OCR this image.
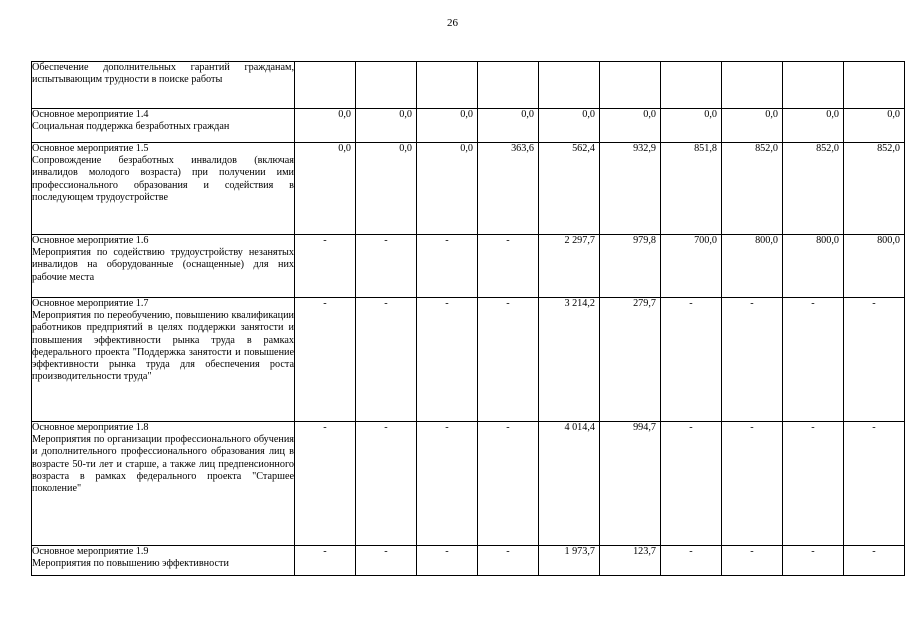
26
Обеспечение дополнительных гарантий гражданам, испытывающим трудности в поиске работы										

Основное мероприятие 1.4
Социальная поддержка безработных граждан	0,0	0,0	0,0	0,0	0,0	0,0	0,0	0,0	0,0	0,0

Основное мероприятие 1.5
Сопровождение безработных инвалидов (включая инвалидов молодого возраста) при получении ими профессионального образования и содействия в последующем трудоустройстве	0,0	0,0	0,0	363,6	562,4	932,9	851,8	852,0	852,0	852,0

Основное мероприятие 1.6
Мероприятия по содействию трудоустройству незанятых инвалидов на оборудованные (оснащенные) для них рабочие места	-	-	-	-	2 297,7	979,8	700,0	800,0	800,0	800,0

Основное мероприятие 1.7
Мероприятия по переобучению, повышению квалификации работников предприятий в целях поддержки занятости и повышения эффективности рынка труда в рамках федерального проекта "Поддержка занятости и повышение эффективности рынка труда для обеспечения роста производительности труда"	-	-	-	-	3 214,2	279,7	-	-	-	-

Основное мероприятие 1.8
Мероприятия по организации профессионального обучения и дополнительного профессионального образования лиц в возрасте 50-ти лет и старше, а также лиц предпенсионного возраста в рамках федерального проекта "Старшее поколение"	-	-	-	-	4 014,4	994,7	-	-	-	-

Основное мероприятие 1.9
Мероприятия по повышению эффективности	-	-	-	-	1 973,7	123,7	-	-	-	-
